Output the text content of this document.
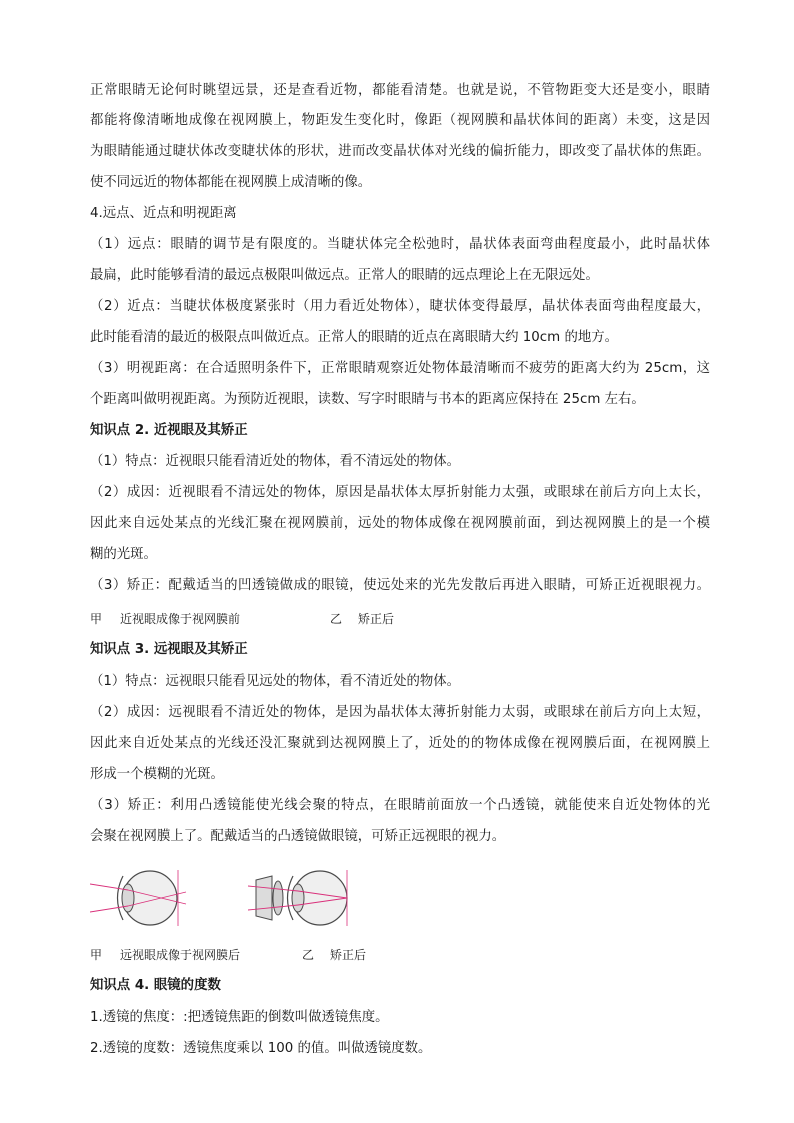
正常眼睛无论何时眺望远景，还是查看近物，都能看清楚。也就是说，不管物距变大还是变小，眼睛
都能将像清晰地成像在视网膜上，物距发生变化时，像距（视网膜和晶状体间的距离）未变，这是因
为眼睛能通过睫状体改变睫状体的形状，进而改变晶状体对光线的偏折能力，即改变了晶状体的焦距。
使不同远近的物体都能在视网膜上成清晰的像。
4.远点、近点和明视距离
（1）远点：眼睛的调节是有限度的。当睫状体完全松弛时，晶状体表面弯曲程度最小，此时晶状体
最扁，此时能够看清的最远点极限叫做远点。正常人的眼睛的远点理论上在无限远处。
（2）近点：当睫状体极度紧张时（用力看近处物体），睫状体变得最厚，晶状体表面弯曲程度最大，
此时能看清的最近的极限点叫做近点。正常人的眼睛的近点在离眼睛大约 10cm 的地方。
（3）明视距离：在合适照明条件下，正常眼睛观察近处物体最清晰而不疲劳的距离大约为 25cm，这
个距离叫做明视距离。为预防近视眼，读数、写字时眼睛与书本的距离应保持在 25cm 左右。
知识点 2. 近视眼及其矫正
（1）特点：近视眼只能看清近处的物体，看不清远处的物体。
（2）成因：近视眼看不清远处的物体，原因是晶状体太厚折射能力太强，或眼球在前后方向上太长，
因此来自远处某点的光线汇聚在视网膜前，远处的物体成像在视网膜前面，到达视网膜上的是一个模
糊的光斑。
（3）矫正：配戴适当的凹透镜做成的眼镜，使远处来的光先发散后再进入眼睛，可矫正近视眼视力。
甲 近视眼成像于视网膜前	乙 矫正后
知识点 3. 远视眼及其矫正
（1）特点：远视眼只能看见远处的物体，看不清近处的物体。
（2）成因：远视眼看不清近处的物体，是因为晶状体太薄折射能力太弱，或眼球在前后方向上太短，
因此来自近处某点的光线还没汇聚就到达视网膜上了，近处的的物体成像在视网膜后面，在视网膜上
形成一个模糊的光斑。
（3）矫正：利用凸透镜能使光线会聚的特点，在眼睛前面放一个凸透镜，就能使来自近处物体的光
会聚在视网膜上了。配戴适当的凸透镜做眼镜，可矫正远视眼的视力。
甲 远视眼成像于视网膜后	乙 矫正后
知识点 4. 眼镜的度数
1.透镜的焦度：:把透镜焦距的倒数叫做透镜焦度。
2.透镜的度数：透镜焦度乘以 100 的值。叫做透镜度数。
